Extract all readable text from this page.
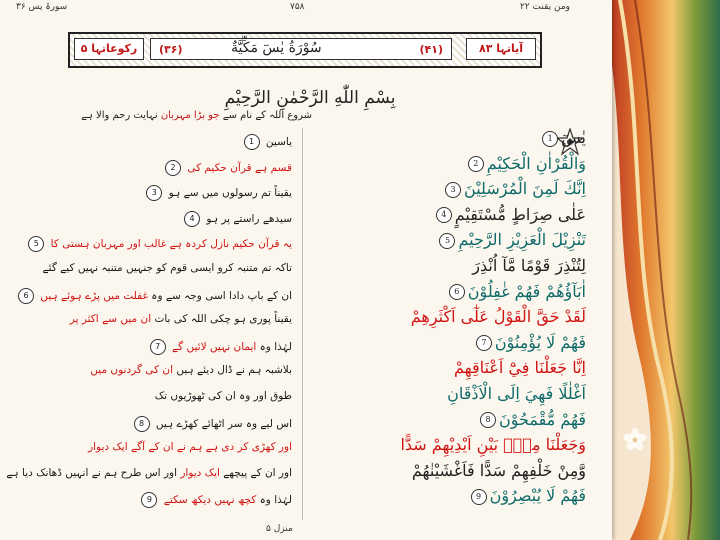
سورۃ یس ۳۶	۷۵۸	ومن یقنت ۲۲
رکوعاتہا ۵	(۳۶)	سُوْرَةُ يٰسٓ مَكِّيَّةٌ	(۴۱)	آیاتہا ۸۳
بِسْمِ اللّٰهِ الرَّحْمٰنِ الرَّحِيْمِ
شروع اللہ کے نام سے جو بڑا مہربان نہایت رحم والا ہے
يٰسٓ1
وَالْقُرْاٰنِ الْحَكِيْمِ2
اِنَّكَ لَمِنَ الْمُرْسَلِيْنَ3
عَلٰى صِرَاطٍ مُّسْتَقِيْمٍ4
تَنْزِيْلَ الْعَزِيْزِ الرَّحِيْمِ5
لِتُنْذِرَ قَوْمًا مَّآ اُنْذِرَ
اٰبَآؤُهُمْ فَهُمْ غٰفِلُوْنَ6
لَقَدْ حَقَّ الْقَوْلُ عَلٰٓى اَكْثَرِهِمْ
فَهُمْ لَا يُؤْمِنُوْنَ7
اِنَّا جَعَلْنَا فِيْٓ اَعْنَاقِهِمْ
اَغْلٰلًا فَهِيَ اِلَى الْاَذْقَانِ
فَهُمْ مُّقْمَحُوْنَ8
وَجَعَلْنَا مِنْۢ بَيْنِ اَيْدِيْهِمْ سَدًّا
وَّمِنْ خَلْفِهِمْ سَدًّا فَاَغْشَيْنٰهُمْ
فَهُمْ لَا يُبْصِرُوْنَ9
یاسین 1
قسم ہے قرآن حکیم کی 2
یقیناً تم رسولوں میں سے ہو 3
سیدھے راستے پر ہو 4
یہ قرآن حکیم نازل کردہ ہے غالب اور مہربان ہستی کا 5
تاکہ تم متنبہ کرو ایسی قوم کو جنہیں متنبہ نہیں کیے گئے
ان کے باپ دادا اسی وجہ سے وہ غفلت میں پڑے ہوئے ہیں 6
یقیناً پوری ہو چکی اللہ کی بات ان میں سے اکثر پر
لہٰذا وہ ایمان نہیں لائیں گے 7
بلاشبہ ہم نے ڈال دیئے ہیں ان کی گردنوں میں
طوق اور وہ ان کی ٹھوڑیوں تک
اس لیے وہ سر اٹھائے کھڑے ہیں 8
اور کھڑی کر دی ہے ہم نے ان کے آگے ایک دیوار
اور ان کے پیچھے ایک دیوار اور اس طرح ہم نے انہیں ڈھانک دیا ہے
لہٰذا وہ کچھ نہیں دیکھ سکتے 9
منزل ۵
